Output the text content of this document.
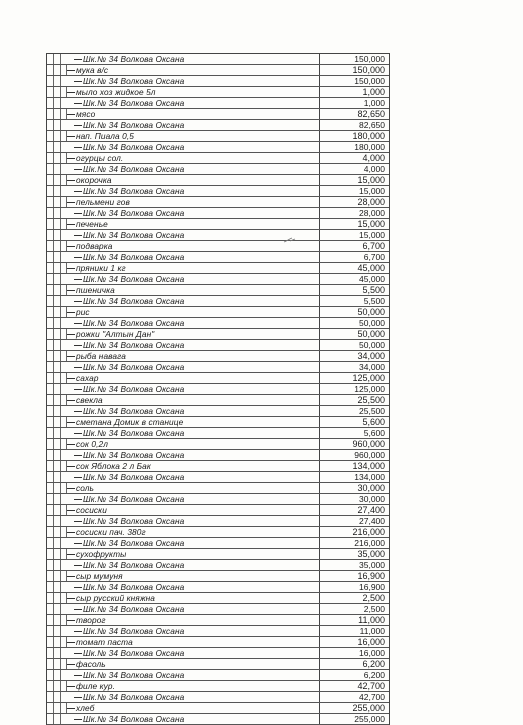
Шк.№ 34 Волкова Оксана	150,000
мука в/с	150,000
Шк.№ 34 Волкова Оксана	150,000
мыло хоз жидкое 5л	1,000
Шк.№ 34 Волкова Оксана	1,000
мясо	82,650
Шк.№ 34 Волкова Оксана	82,650
нап. Пиала 0,5	180,000
Шк.№ 34 Волкова Оксана	180,000
огурцы сол.	4,000
Шк.№ 34 Волкова Оксана	4,000
окорочка	15,000
Шк.№ 34 Волкова Оксана	15,000
пельмени гов	28,000
Шк.№ 34 Волкова Оксана	28,000
печенье	15,000
Шк.№ 34 Волкова Оксана	15,000
подварка	6,700
Шк.№ 34 Волкова Оксана	6,700
пряники 1 кг	45,000
Шк.№ 34 Волкова Оксана	45,000
пшеничка	5,500
Шк.№ 34 Волкова Оксана	5,500
рис	50,000
Шк.№ 34 Волкова Оксана	50,000
рожки "Алтын Дан"	50,000
Шк.№ 34 Волкова Оксана	50,000
рыба навага	34,000
Шк.№ 34 Волкова Оксана	34,000
сахар	125,000
Шк.№ 34 Волкова Оксана	125,000
свекла	25,500
Шк.№ 34 Волкова Оксана	25,500
сметана Домик в станице	5,600
Шк.№ 34 Волкова Оксана	5,600
сок 0,2л	960,000
Шк.№ 34 Волкова Оксана	960,000
сок Яблока 2 л Бак	134,000
Шк.№ 34 Волкова Оксана	134,000
соль	30,000
Шк.№ 34 Волкова Оксана	30,000
сосиски	27,400
Шк.№ 34 Волкова Оксана	27,400
сосиски пач. 380г	216,000
Шк.№ 34 Волкова Оксана	216,000
сухофрукты	35,000
Шк.№ 34 Волкова Оксана	35,000
сыр мумуня	16,900
Шк.№ 34 Волкова Оксана	16,900
сыр русский княжна	2,500
Шк.№ 34 Волкова Оксана	2,500
творог	11,000
Шк.№ 34 Волкова Оксана	11,000
томат паста	16,000
Шк.№ 34 Волкова Оксана	16,000
фасоль	6,200
Шк.№ 34 Волкова Оксана	6,200
филе кур.	42,700
Шк.№ 34 Волкова Оксана	42,700
хлеб	255,000
Шк.№ 34 Волкова Оксана	255,000
